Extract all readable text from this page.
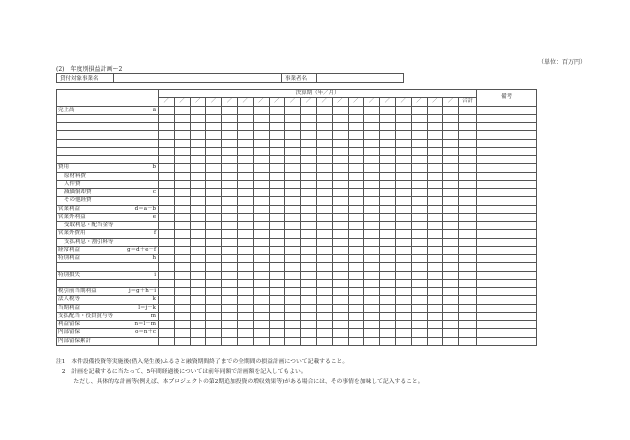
（単位：百万円）
(2)　年度別損益計画ー2
貸付対象事業名		事業者名	
	決算期（年／月）																				備考
	／	／	／	／	／	／	／	／	／	／	／	／	／	／	／	／	／	／	／	合計	

売上高 a																					

費用 b																					

原材料費																					

人件費																					

減価償却費 c																					

その他経費																					

営業利益 d＝a－b																					

営業外利益 e																					

受取利息・配当金等																					

営業外費用 f																					

支払利息・割引料等																					

経常利益 g＝d＋e－f																					

特別利益 h																					

特別損失 i																					

税引前当期利益 j＝g＋h－i																					

法人税等 k																					

当期利益 l＝j－k																					

支払配当・役員賞与等 m																					

利益留保 n＝l－m																					

内部留保 o＝n＋c																					

内部留保累計																					

注1　本件設備投資等実施後(借入発生後)ふるさと融資期間終了までの全期間の損益計画について記載すること。
　2　計画を記載するに当たって、5年間経過後については前年同額で計画額を記入してもよい。
　　　ただし、具体的な計画等(例えば、本プロジェクトの第2期追加投資の増収効果等)がある場合には、その事情を加味して記入すること。
